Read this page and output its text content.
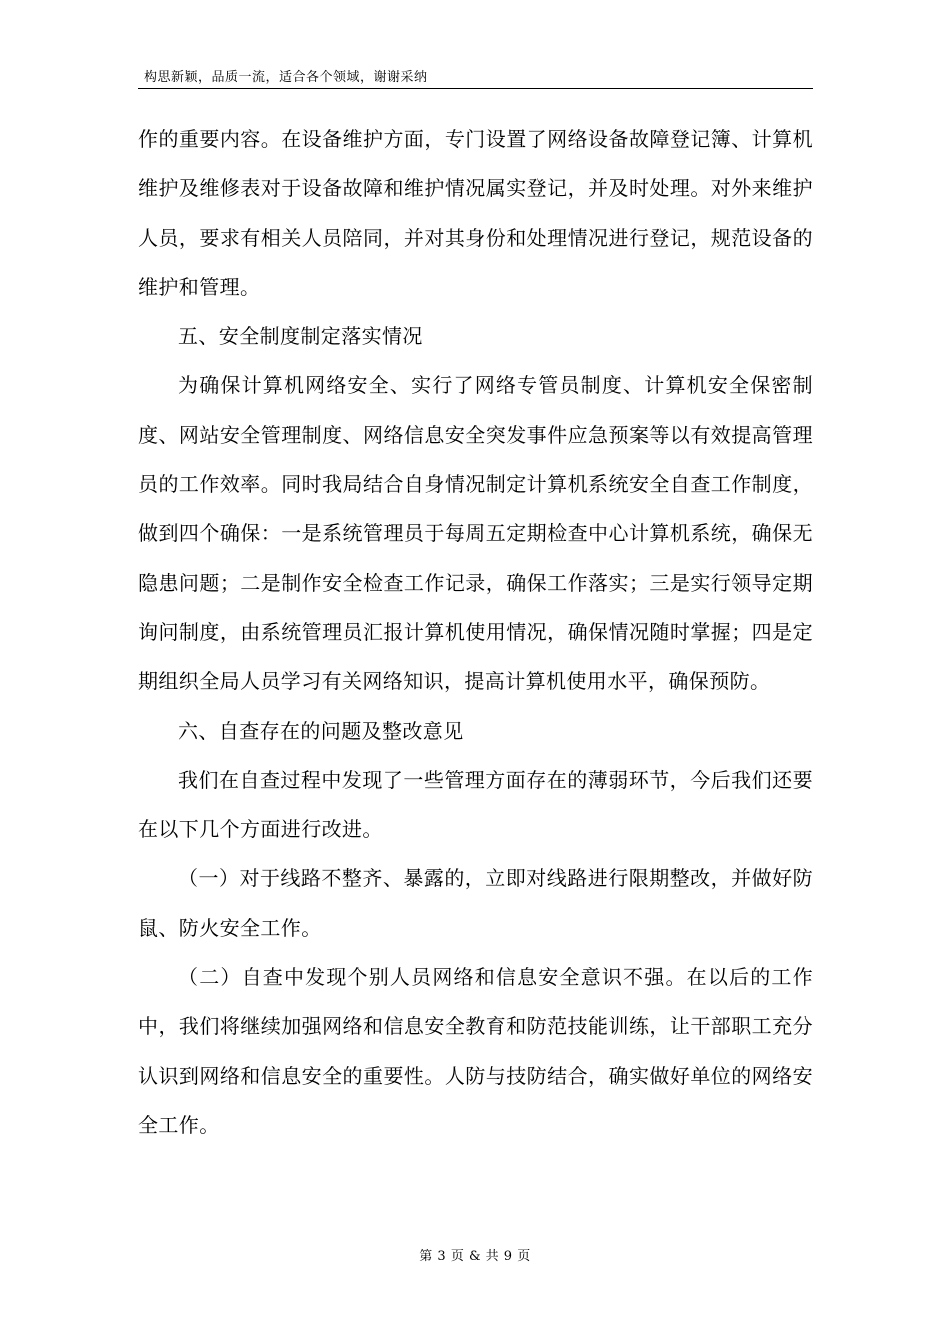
构思新颖，品质一流，适合各个领域，谢谢采纳

作的重要内容。在设备维护方面，专门设置了网络设备故障登记簿、计算机维护及维修表对于设备故障和维护情况属实登记，并及时处理。对外来维护人员，要求有相关人员陪同，并对其身份和处理情况进行登记，规范设备的维护和管理。

五、安全制度制定落实情况

为确保计算机网络安全、实行了网络专管员制度、计算机安全保密制度、网站安全管理制度、网络信息安全突发事件应急预案等以有效提高管理员的工作效率。同时我局结合自身情况制定计算机系统安全自查工作制度，做到四个确保：一是系统管理员于每周五定期检查中心计算机系统，确保无隐患问题；二是制作安全检查工作记录，确保工作落实；三是实行领导定期询问制度，由系统管理员汇报计算机使用情况，确保情况随时掌握；四是定期组织全局人员学习有关网络知识，提高计算机使用水平，确保预防。

六、自查存在的问题及整改意见

我们在自查过程中发现了一些管理方面存在的薄弱环节，今后我们还要在以下几个方面进行改进。

（一）对于线路不整齐、暴露的，立即对线路进行限期整改，并做好防鼠、防火安全工作。

（二）自查中发现个别人员网络和信息安全意识不强。在以后的工作中，我们将继续加强网络和信息安全教育和防范技能训练，让干部职工充分认识到网络和信息安全的重要性。人防与技防结合，确实做好单位的网络安全工作。

第 3 页 & 共 9 页
